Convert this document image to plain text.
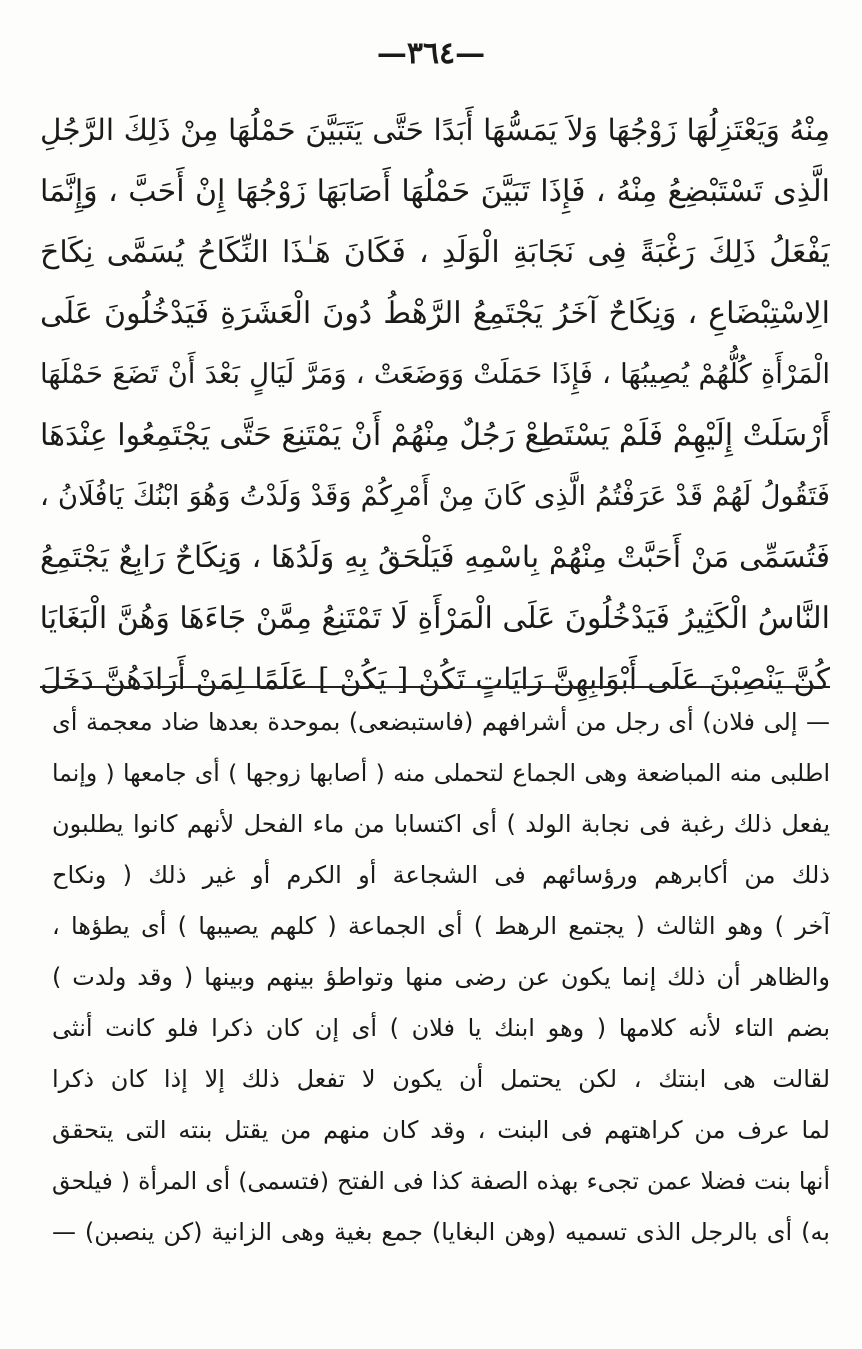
—٣٦٤—
مِنْهُ وَيَعْتَزِلُهَا زَوْجُهَا وَلاَ يَمَسُّهَا أَبَدًا حَتَّى يَتَبَيَّنَ حَمْلُهَا مِنْ ذَلِكَ الرَّجُلِ
الَّذِى تَسْتَبْضِعُ مِنْهُ ، فَإِذَا تَبَيَّنَ حَمْلُهَا أَصَابَهَا زَوْجُهَا إِنْ أَحَبَّ ، وَإِنَّمَا
يَفْعَلُ ذَلِكَ رَغْبَةً فِى نَجَابَةِ الْوَلَدِ ، فَكَانَ هَـٰذَا النِّكَاحُ يُسَمَّى نِكَاحَ
الِاسْتِبْضَاعِ ، وَنِكَاحٌ آخَرُ يَجْتَمِعُ الرَّهْطُ دُونَ الْعَشَرَةِ فَيَدْخُلُونَ عَلَى
الْمَرْأَةِ كُلُّهُمْ يُصِيبُهَا ، فَإِذَا حَمَلَتْ وَوَضَعَتْ ، وَمَرَّ لَيَالٍ بَعْدَ أَنْ تَضَعَ حَمْلَهَا
أَرْسَلَتْ إِلَيْهِمْ فَلَمْ يَسْتَطِعْ رَجُلٌ مِنْهُمْ أَنْ يَمْتَنِعَ حَتَّى يَجْتَمِعُوا عِنْدَهَا
فَتَقُولُ لَهُمْ قَدْ عَرَفْتُمُ الَّذِى كَانَ مِنْ أَمْرِكُمْ وَقَدْ وَلَدْتُ وَهُوَ ابْنُكَ يَافُلَانُ ،
فَتُسَمِّى مَنْ أَحَبَّتْ مِنْهُمْ بِاسْمِهِ فَيَلْحَقُ بِهِ وَلَدُهَا ، وَنِكَاحٌ رَابِعٌ يَجْتَمِعُ
النَّاسُ الْكَثِيرُ فَيَدْخُلُونَ عَلَى الْمَرْأَةِ لَا تَمْتَنِعُ مِمَّنْ جَاءَهَا وَهُنَّ الْبَغَايَا
كُنَّ يَنْصِبْنَ عَلَى أَبْوَابِهِنَّ رَايَاتٍ تَكُنْ [ يَكُنْ ] عَلَمًا لِمَنْ أَرَادَهُنَّ دَخَلَ
— إلى فلان) أى رجل من أشرافهم (فاستبضعى) بموحدة بعدها ضاد معجمة أى
اطلبى منه المباضعة وهى الجماع لتحملى منه ( أصابها زوجها ) أى جامعها ( وإنما
يفعل ذلك رغبة فى نجابة الولد ) أى اكتسابا من ماء الفحل لأنهم كانوا يطلبون
ذلك من أكابرهم ورؤسائهم فى الشجاعة أو الكرم أو غير ذلك ( ونكاح
آخر ) وهو الثالث ( يجتمع الرهط ) أى الجماعة ( كلهم يصيبها ) أى يطؤها ،
والظاهر أن ذلك إنما يكون عن رضى منها وتواطؤ بينهم وبينها ( وقد ولدت )
بضم التاء لأنه كلامها ( وهو ابنك يا فلان ) أى إن كان ذكرا فلو كانت أنثى
لقالت هى ابنتك ، لكن يحتمل أن يكون لا تفعل ذلك إلا إذا كان ذكرا
لما عرف من كراهتهم فى البنت ، وقد كان منهم من يقتل بنته التى يتحقق
أنها بنت فضلا عمن تجىء بهذه الصفة كذا فى الفتح (فتسمى) أى المرأة ( فيلحق
به) أى بالرجل الذى تسميه (وهن البغايا) جمع بغية وهى الزانية (كن ينصبن) —
